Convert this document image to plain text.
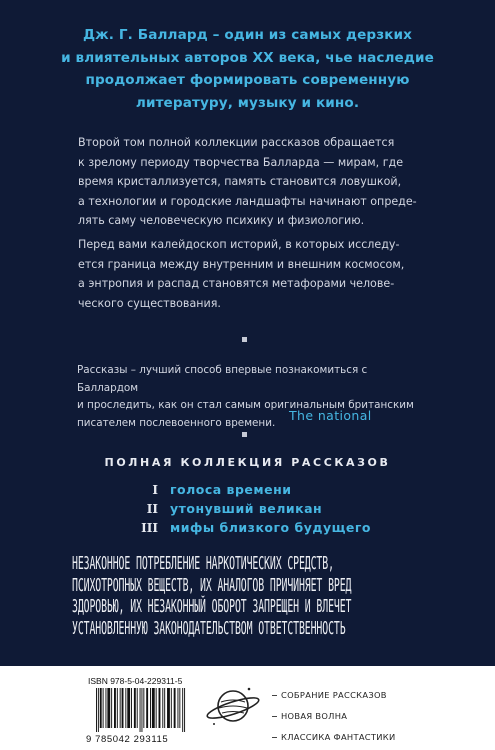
Дж. Г. Баллард – один из самых дерзких
и влиятельных авторов XX века, чье наследие
продолжает формировать современную
литературу, музыку и кино.
Второй том полной коллекции рассказов обращается
к зрелому периоду творчества Балларда — мирам, где
время кристаллизуется, память становится ловушкой,
а технологии и городские ландшафты начинают опреде-
лять саму человеческую психику и физиологию.
Перед вами калейдоскоп историй, в которых исследу-
ется граница между внутренним и внешним космосом,
а энтропия и распад становятся метафорами челове-
ческого существования.
Рассказы – лучший способ впервые познакомиться с Баллардом
и проследить, как он стал самым оригинальным британским
писателем послевоенного времени.	The national
ПОЛНАЯ КОЛЛЕКЦИЯ РАССКАЗОВ
I голоса времени
II утонувший великан
III мифы близкого будущего
НЕЗАКОННОЕ ПОТРЕБЛЕНИЕ НАРКОТИЧЕСКИХ СРЕДСТВ,
ПСИХОТРОПНЫХ ВЕЩЕСТВ, ИХ АНАЛОГОВ ПРИЧИНЯЕТ ВРЕД
ЗДОРОВЬЮ, ИХ НЕЗАКОННЫЙ ОБОРОТ ЗАПРЕЩЕН И ВЛЕЧЕТ
УСТАНОВЛЕННУЮ ЗАКОНОДАТЕЛЬСТВОМ ОТВЕТСТВЕННОСТЬ
ISBN 978-5-04-229311-5
9 785042 293115
СОБРАНИЕ РАССКАЗОВ
НОВАЯ ВОЛНА
КЛАССИКА ФАНТАСТИКИ
